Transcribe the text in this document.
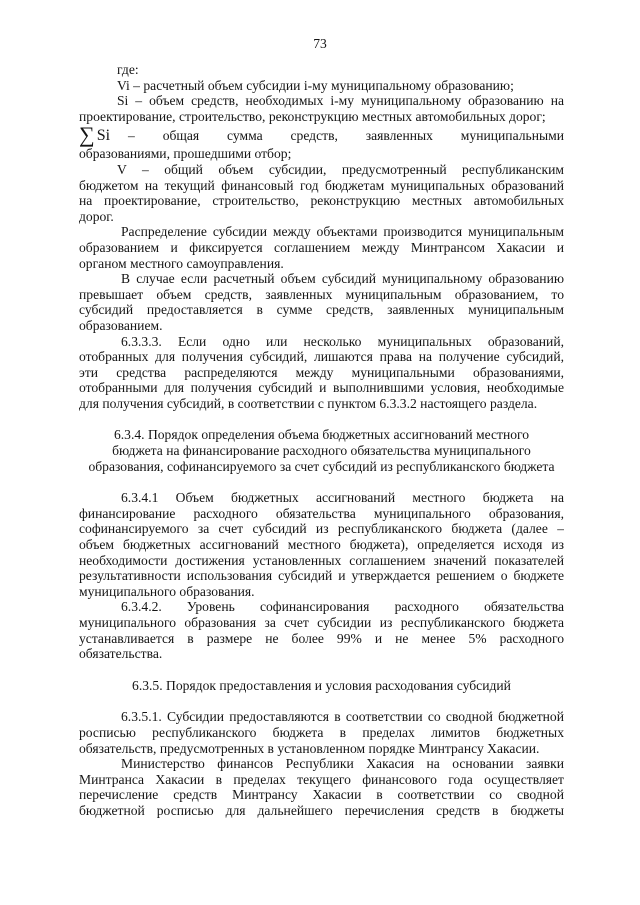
73
где:
Vi – расчетный объем субсидии i-му муниципальному образованию;
Si – объем средств, необходимых i-му муниципальному образованию на
проектирование, строительство, реконструкцию местных автомобильных дорог;
∑ Si – общая сумма средств, заявленных муниципальными
образованиями, прошедшими отбор;
V – общий объем субсидии, предусмотренный республиканским
бюджетом на текущий финансовый год бюджетам муниципальных образований
на проектирование, строительство, реконструкцию местных автомобильных
дорог.
Распределение субсидии между объектами производится муниципальным
образованием и фиксируется соглашением между Минтрансом Хакасии и
органом местного самоуправления.
В случае если расчетный объем субсидий муниципальному образованию
превышает объем средств, заявленных муниципальным образованием, то
субсидий предоставляется в сумме средств, заявленных муниципальным
образованием.
6.3.3.3. Если одно или несколько муниципальных образований,
отобранных для получения субсидий, лишаются права на получение субсидий,
эти средства распределяются между муниципальными образованиями,
отобранными для получения субсидий и выполнившими условия, необходимые
для получения субсидий, в соответствии с пунктом 6.3.3.2 настоящего раздела.
6.3.4. Порядок определения объема бюджетных ассигнований местного
бюджета на финансирование расходного обязательства муниципального
образования, софинансируемого за счет субсидий из республиканского бюджета
6.3.4.1 Объем бюджетных ассигнований местного бюджета на
финансирование расходного обязательства муниципального образования,
софинансируемого за счет субсидий из республиканского бюджета (далее –
объем бюджетных ассигнований местного бюджета), определяется исходя из
необходимости достижения установленных соглашением значений показателей
результативности использования субсидий и утверждается решением о бюджете
муниципального образования.
6.3.4.2. Уровень софинансирования расходного обязательства
муниципального образования за счет субсидии из республиканского бюджета
устанавливается в размере не более 99% и не менее 5% расходного
обязательства.
6.3.5. Порядок предоставления и условия расходования субсидий
6.3.5.1. Субсидии предоставляются в соответствии со сводной бюджетной
росписью республиканского бюджета в пределах лимитов бюджетных
обязательств, предусмотренных в установленном порядке Минтрансу Хакасии.
Министерство финансов Республики Хакасия на основании заявки
Минтранса Хакасии в пределах текущего финансового года осуществляет
перечисление средств Минтрансу Хакасии в соответствии со сводной
бюджетной росписью для дальнейшего перечисления средств в бюджеты
